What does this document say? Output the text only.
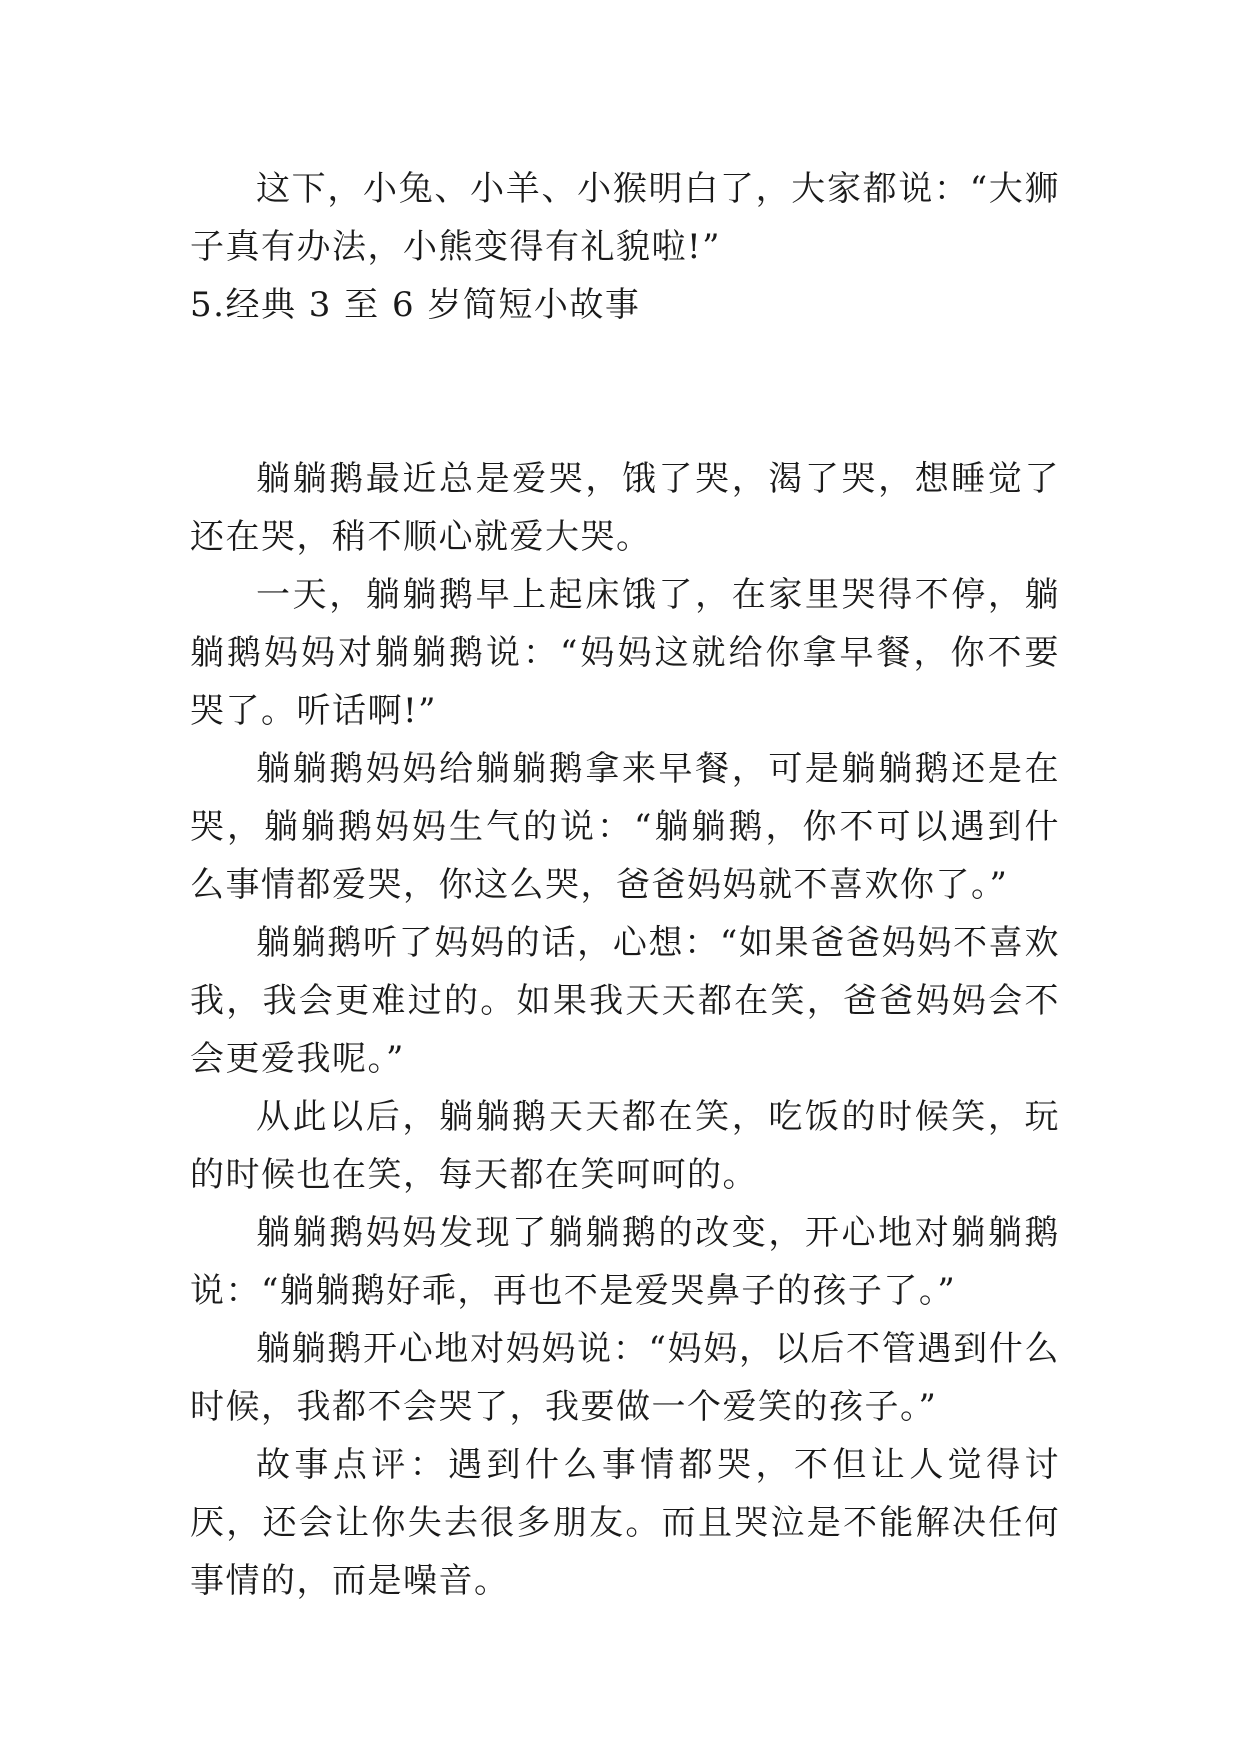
这下，小兔、小羊、小猴明白了，大家都说：“大狮子真有办法，小熊变得有礼貌啦!”

5.经典 3 至 6 岁简短小故事

躺躺鹅最近总是爱哭，饿了哭，渴了哭，想睡觉了还在哭，稍不顺心就爱大哭。

一天，躺躺鹅早上起床饿了，在家里哭得不停，躺躺鹅妈妈对躺躺鹅说：“妈妈这就给你拿早餐，你不要哭了。听话啊!”

躺躺鹅妈妈给躺躺鹅拿来早餐，可是躺躺鹅还是在哭，躺躺鹅妈妈生气的说：“躺躺鹅，你不可以遇到什么事情都爱哭，你这么哭，爸爸妈妈就不喜欢你了。”

躺躺鹅听了妈妈的话，心想：“如果爸爸妈妈不喜欢我，我会更难过的。如果我天天都在笑，爸爸妈妈会不会更爱我呢。”

从此以后，躺躺鹅天天都在笑，吃饭的时候笑，玩的时候也在笑，每天都在笑呵呵的。

躺躺鹅妈妈发现了躺躺鹅的改变，开心地对躺躺鹅说：“躺躺鹅好乖，再也不是爱哭鼻子的孩子了。”

躺躺鹅开心地对妈妈说：“妈妈，以后不管遇到什么时候，我都不会哭了，我要做一个爱笑的孩子。”

故事点评：遇到什么事情都哭，不但让人觉得讨厌，还会让你失去很多朋友。而且哭泣是不能解决任何事情的，而是噪音。
